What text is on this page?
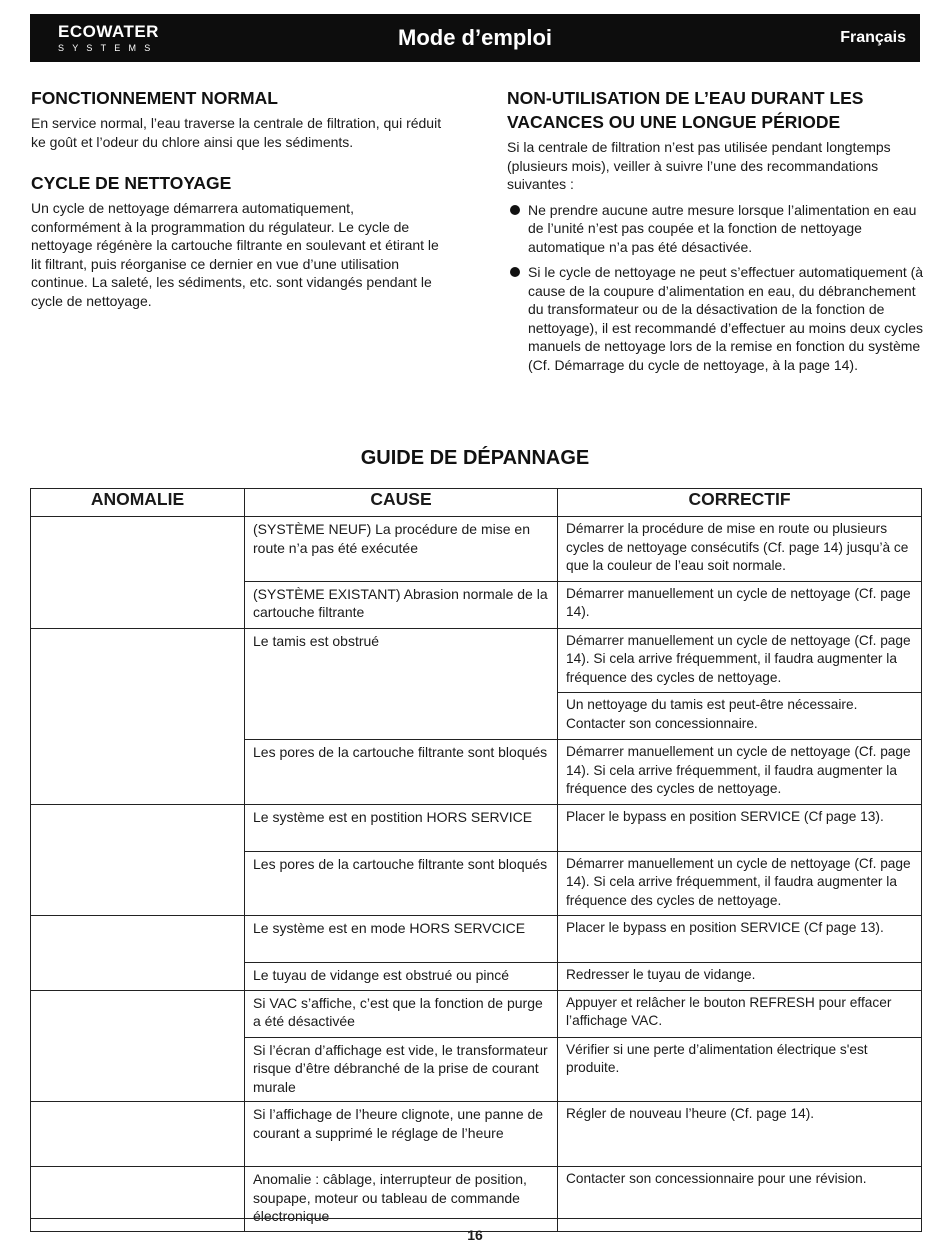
ECOWATER
SYSTEMS	Mode d’emploi	Français
FONCTIONNEMENT NORMAL

En service normal, l’eau traverse la centrale de filtration, qui réduit ke goût et l’odeur du chlore ainsi que les sédiments.

CYCLE DE NETTOYAGE

Un cycle de nettoyage démarrera automatiquement, conformément à la programmation du régulateur. Le cycle de nettoyage régénère la cartouche filtrante en soulevant et étirant le lit filtrant, puis réorganise ce dernier en vue d’une utilisation continue. La saleté, les sédiments, etc. sont vidangés pendant le cycle de nettoyage.

NON-UTILISATION DE L’EAU DURANT LES VACANCES OU UNE LONGUE PÉRIODE

Si la centrale de filtration n’est pas utilisée pendant longtemps (plusieurs mois), veiller à suivre l’une des recommandations suivantes :

Ne prendre aucune autre mesure lorsque l’alimentation en eau de l’unité n’est pas coupée et la fonction de nettoyage automatique n’a pas été désactivée.
Si le cycle de nettoyage ne peut s’effectuer automatiquement (à cause de la coupure d’alimentation en eau, du débranchement du transformateur ou de la désactivation de la fonction de nettoyage), il est recommandé d’effectuer au moins deux cycles manuels de nettoyage lors de la remise en fonction du système (Cf. Démarrage du cycle de nettoyage, à la page 14).
GUIDE DE DÉPANNAGE
ANOMALIE	CAUSE	CORRECTIF
	(SYSTÈME NEUF) La procédure de mise en route n’a pas été exécutée	Démarrer la procédure de mise en route ou plusieurs cycles de nettoyage consécutifs (Cf. page 14) jusqu’à ce que la couleur de l’eau soit normale.
	(SYSTÈME EXISTANT) Abrasion normale de la cartouche filtrante	Démarrer manuellement un cycle de nettoyage (Cf. page 14).
	Le tamis est obstrué	Démarrer manuellement un cycle de nettoyage (Cf. page 14). Si cela arrive fréquemment, il faudra augmenter la fréquence des cycles de nettoyage.
		Un nettoyage du tamis est peut-être nécessaire. Contacter son concessionnaire.
	Les pores de la cartouche filtrante sont bloqués	Démarrer manuellement un cycle de nettoyage (Cf. page 14). Si cela arrive fréquemment, il faudra augmenter la fréquence des cycles de nettoyage.
	Le système est en postition HORS SERVICE	Placer le bypass en position SERVICE (Cf page 13).
	Les pores de la cartouche filtrante sont bloqués	Démarrer manuellement un cycle de nettoyage (Cf. page 14). Si cela arrive fréquemment, il faudra augmenter la fréquence des cycles de nettoyage.
	Le système est en mode HORS SERVCICE	Placer le bypass en position SERVICE (Cf page 13).
	Le tuyau de vidange est obstrué ou pincé	Redresser le tuyau de vidange.
	Si VAC s’affiche, c’est que la fonction de purge a été désactivée	Appuyer et relâcher le bouton REFRESH pour effacer l’affichage VAC.
	Si l’écran d’affichage est vide, le transformateur risque d’être débranché de la prise de courant murale	Vérifier si une perte d’alimentation électrique s'est produite.
	Si l’affichage de l’heure clignote, une panne de courant a supprimé le réglage de l’heure	Régler de nouveau l’heure (Cf. page 14).
	Anomalie : câblage, interrupteur de position, soupape, moteur ou tableau de commande électronique	Contacter son concessionnaire pour une révision.
16
